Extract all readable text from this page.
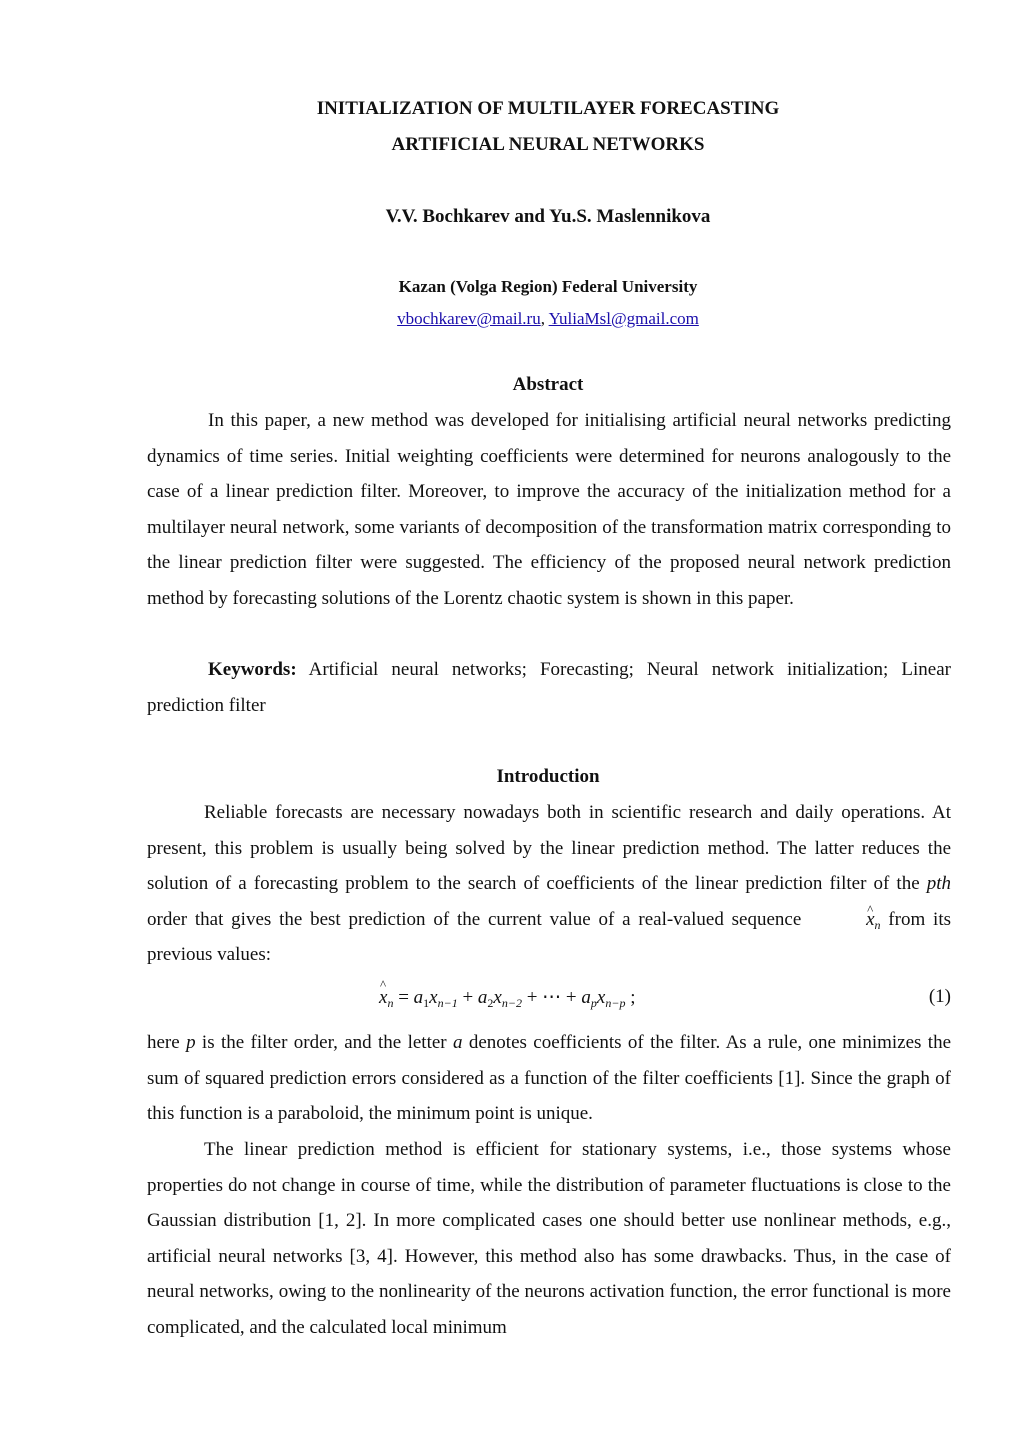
INITIALIZATION OF MULTILAYER FORECASTING
ARTIFICIAL NEURAL NETWORKS
V.V. Bochkarev and Yu.S. Maslennikova
Kazan (Volga Region) Federal University
vbochkarev@mail.ru, YuliaMsl@gmail.com
Abstract

In this paper, a new method was developed for initialising artificial neural networks predicting dynamics of time series. Initial weighting coefficients were determined for neurons analogously to the case of a linear prediction filter. Moreover, to improve the accuracy of the initialization method for a multilayer neural network, some variants of decomposition of the transformation matrix corresponding to the linear prediction filter were suggested. The efficiency of the proposed neural network prediction method by forecasting solutions of the Lorentz chaotic system is shown in this paper.

Keywords: Artificial neural networks; Forecasting; Neural network initialization; Linear prediction filter

Introduction

Reliable forecasts are necessary nowadays both in scientific research and daily operations. At present, this problem is usually being solved by the linear prediction method. The latter reduces the solution of a forecasting problem to the search of coefficients of the linear prediction filter of the pth order that gives the best prediction of the current value of a real-valued sequence ^	$x_n$ from its previous values:

^ $x_n = a_1x_{n-1} + a_2x_{n-2}$ + ⋯ + $a_px_{n-p}$ ;	(1)

here p is the filter order, and the letter a denotes coefficients of the filter. As a rule, one minimizes the sum of squared prediction errors considered as a function of the filter coefficients [1]. Since the graph of this function is a paraboloid, the minimum point is unique.

The linear prediction method is efficient for stationary systems, i.e., those systems whose properties do not change in course of time, while the distribution of parameter fluctuations is close to the Gaussian distribution [1, 2]. In more complicated cases one should better use nonlinear methods, e.g., artificial neural networks [3, 4]. However, this method also has some drawbacks. Thus, in the case of neural networks, owing to the nonlinearity of the neurons activation function, the error functional is more complicated, and the calculated local minimum
